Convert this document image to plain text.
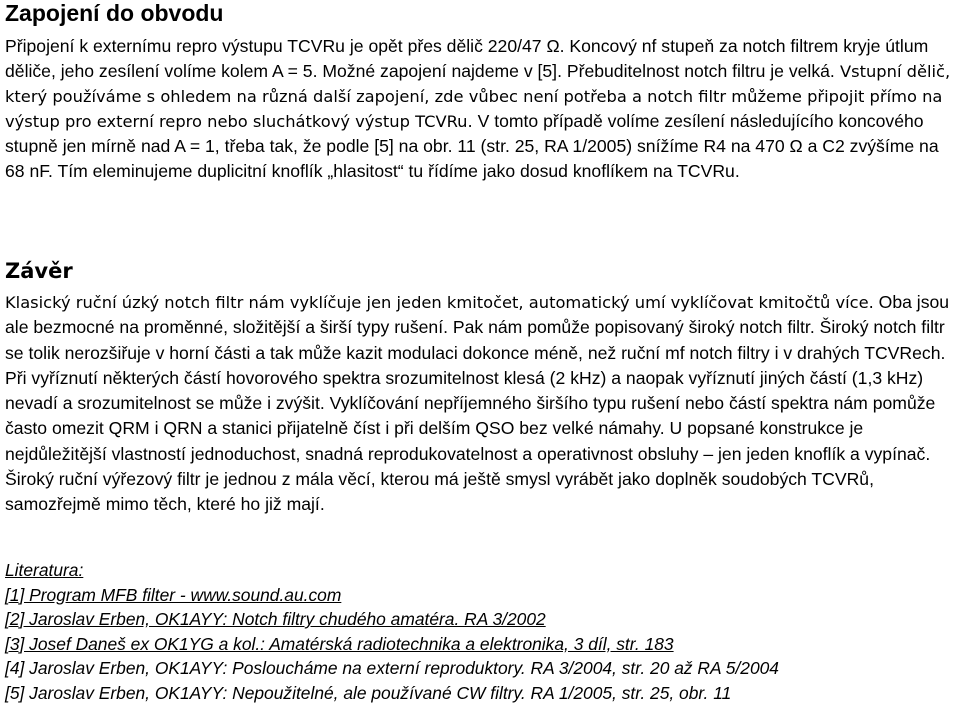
Zapojení do obvodu
Připojení k externímu repro výstupu TCVRu je opět přes dělič 220/47 Ω. Koncový nf stupeň za notch filtrem kryje útlum děliče, jeho zesílení volíme kolem A = 5. Možné zapojení najdeme v [5]. Přebuditelnost notch filtru je velká. Vstupní dělič, který používáme s ohledem na různá další zapojení, zde vůbec není potřeba a notch filtr můžeme připojit přímo na výstup pro externí repro nebo sluchátkový výstup TCVRu. V tomto případě volíme zesílení následujícího koncového stupně jen mírně nad A = 1, třeba tak, že podle [5] na obr. 11 (str. 25, RA 1/2005) snížíme R4 na 470 Ω a C2 zvýšíme na 68 nF. Tím eleminujeme duplicitní knoflík „hlasitost“ tu řídíme jako dosud knoflíkem na TCVRu.
Závěr
Klasický ruční úzký notch filtr nám vyklíčuje jen jeden kmitočet, automatický umí vyklíčovat kmitočtů více. Oba jsou ale bezmocné na proměnné, složitější a širší typy rušení. Pak nám pomůže popisovaný široký notch filtr. Široký notch filtr se tolik nerozšiřuje v horní části a tak může kazit modulaci dokonce méně, než ruční mf notch filtry i v drahých TCVRech. Při vyříznutí některých částí hovorového spektra srozumitelnost klesá (2 kHz) a naopak vyříznutí jiných částí (1,3 kHz) nevadí a srozumitelnost se může i zvýšit. Vyklíčování nepříjemného širšího typu rušení nebo částí spektra nám pomůže často omezit QRM i QRN a stanici přijatelně číst i při delším QSO bez velké námahy. U popsané konstrukce je nejdůležitější vlastností jednoduchost, snadná reprodukovatelnost a operativnost obsluhy – jen jeden knoflík a vypínač. Široký ruční výřezový filtr je jednou z mála věcí, kterou má ještě smysl vyrábět jako doplněk soudobých TCVRů, samozřejmě mimo těch, které ho již mají.
Literatura:
[1] Program MFB filter - www.sound.au.com
[2] Jaroslav Erben, OK1AYY: Notch filtry chudého amatéra. RA 3/2002
[3] Josef Daneš ex OK1YG a kol.: Amatérská radiotechnika a elektronika, 3 díl, str. 183
[4] Jaroslav Erben, OK1AYY: Posloucháme na externí reproduktory. RA 3/2004, str. 20 až RA 5/2004
[5] Jaroslav Erben, OK1AYY: Nepoužitelné, ale používané CW filtry. RA 1/2005, str. 25, obr. 11
